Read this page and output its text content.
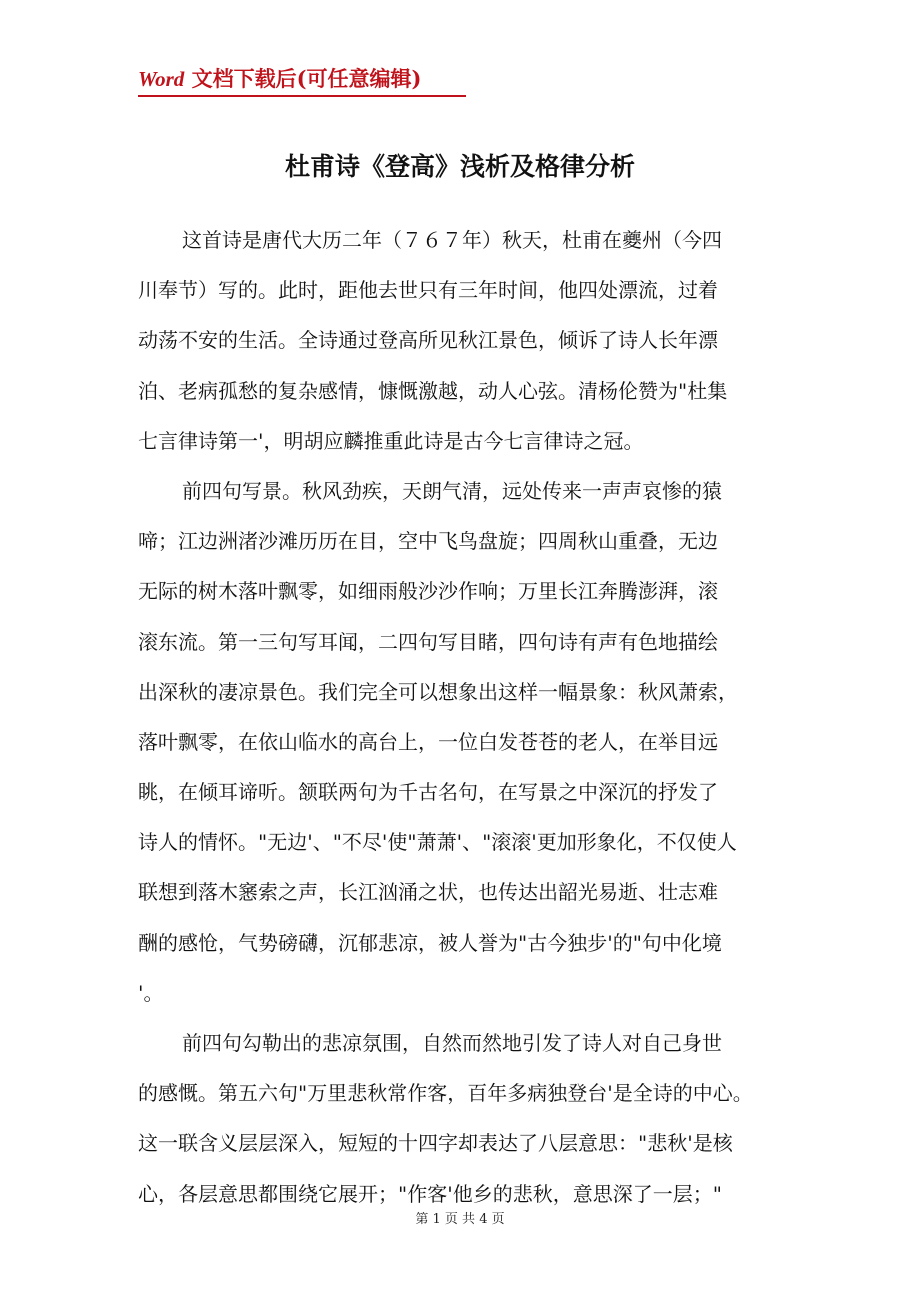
Word 文档下载后(可任意编辑)
杜甫诗《登高》浅析及格律分析
这首诗是唐代大历二年（７６７年）秋天，杜甫在夔州（今四
川奉节）写的。此时，距他去世只有三年时间，他四处漂流，过着
动荡不安的生活。全诗通过登高所见秋江景色，倾诉了诗人长年漂
泊、老病孤愁的复杂感情，慷慨激越，动人心弦。清杨伦赞为"杜集
七言律诗第一'，明胡应麟推重此诗是古今七言律诗之冠。
前四句写景。秋风劲疾，天朗气清，远处传来一声声哀惨的猿
啼；江边洲渚沙滩历历在目，空中飞鸟盘旋；四周秋山重叠，无边
无际的树木落叶飘零，如细雨般沙沙作响；万里长江奔腾澎湃，滚
滚东流。第一三句写耳闻，二四句写目睹，四句诗有声有色地描绘
出深秋的凄凉景色。我们完全可以想象出这样一幅景象：秋风萧索，
落叶飘零，在依山临水的高台上，一位白发苍苍的老人，在举目远
眺，在倾耳谛听。颔联两句为千古名句，在写景之中深沉的抒发了
诗人的情怀。"无边'、"不尽'使"萧萧'、"滚滚'更加形象化，不仅使人
联想到落木窸索之声，长江汹涌之状，也传达出韶光易逝、壮志难
酬的感怆，气势磅礴，沉郁悲凉，被人誉为"古今独步'的"句中化境
'。
前四句勾勒出的悲凉氛围，自然而然地引发了诗人对自己身世
的感慨。第五六句"万里悲秋常作客，百年多病独登台'是全诗的中心。
这一联含义层层深入，短短的十四字却表达了八层意思："悲秋'是核
心，各层意思都围绕它展开；"作客'他乡的悲秋，意思深了一层；"
第 1 页 共 4 页
